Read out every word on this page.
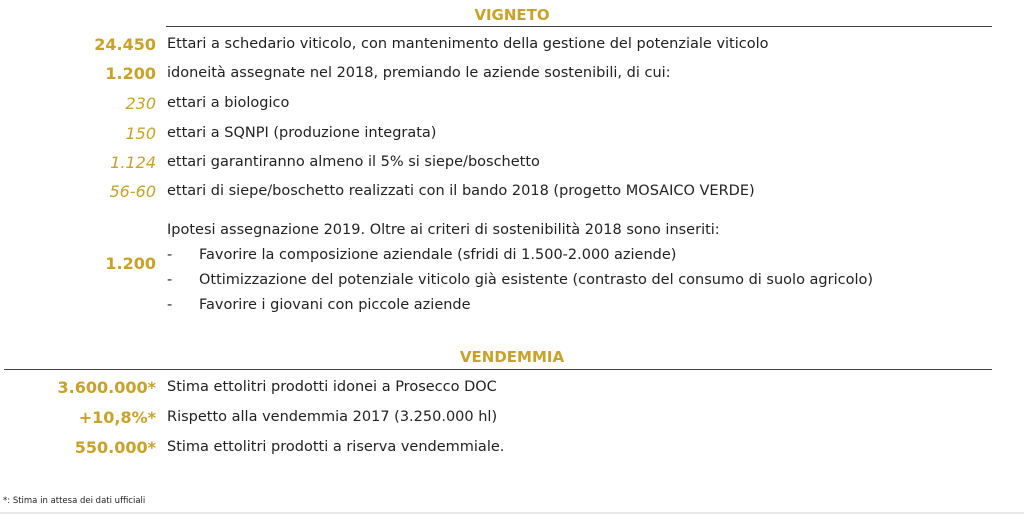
VIGNETO
24.450 Ettari a schedario viticolo, con mantenimento della gestione del potenziale viticolo
1.200 idoneità assegnate nel 2018, premiando le aziende sostenibili, di cui:
230 ettari a biologico
150 ettari a SQNPI (produzione integrata)
1.124 ettari garantiranno almeno il 5% si siepe/boschetto
56-60 ettari di siepe/boschetto realizzati con il bando 2018 (progetto MOSAICO VERDE)
1.200
Ipotesi assegnazione 2019. Oltre ai criteri di sostenibilità 2018 sono inseriti:
- Favorire la composizione aziendale (sfridi di 1.500-2.000 aziende)
- Ottimizzazione del potenziale viticolo già esistente (contrasto del consumo di suolo agricolo)
- Favorire i giovani con piccole aziende
VENDEMMIA
3.600.000* Stima ettolitri prodotti idonei a Prosecco DOC
+10,8%* Rispetto alla vendemmia 2017 (3.250.000 hl)
550.000* Stima ettolitri prodotti a riserva vendemmiale.
*: Stima in attesa dei dati ufficiali
